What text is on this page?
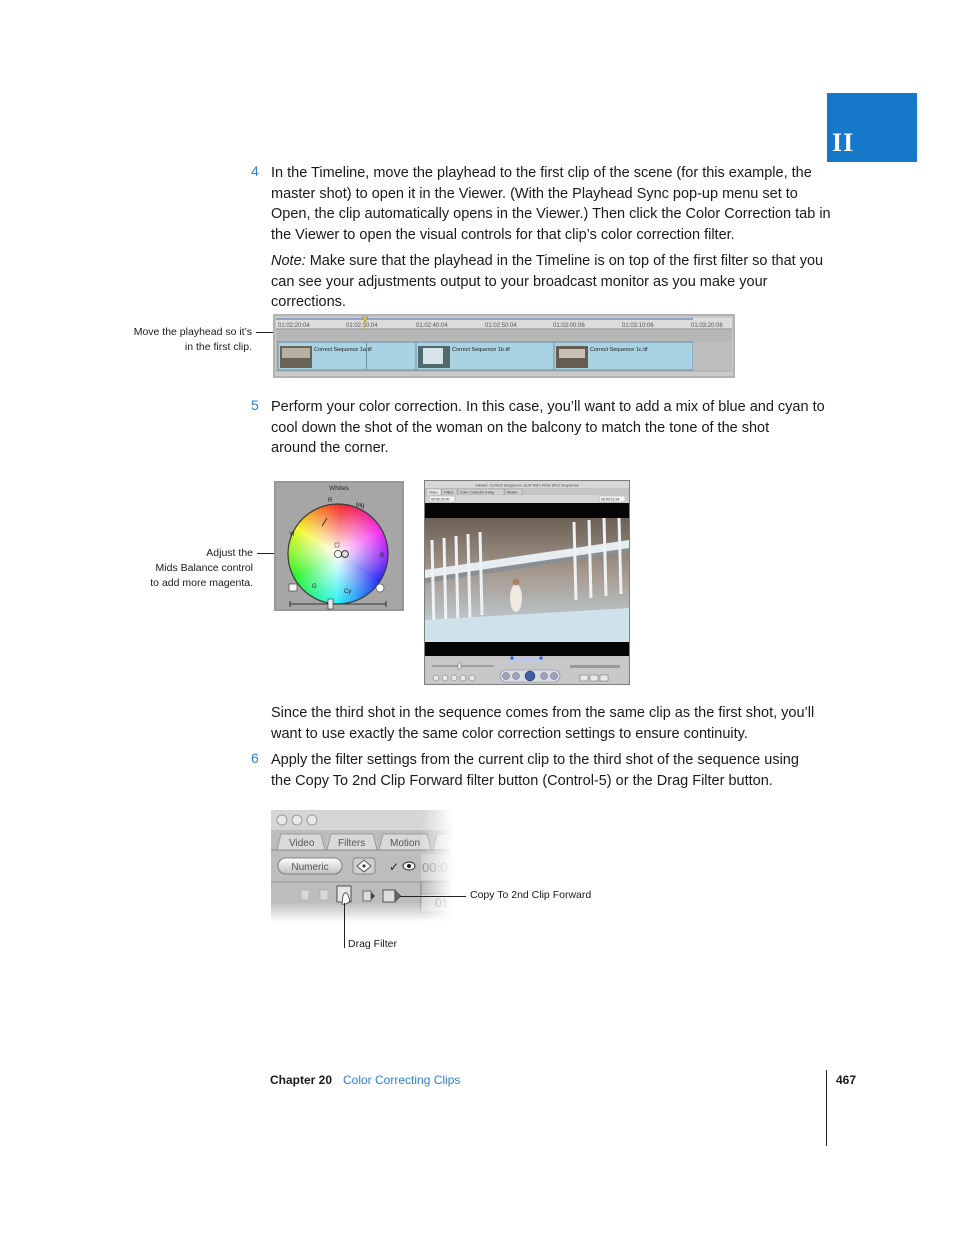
II
4 In the Timeline, move the playhead to the first clip of the scene (for this example, the
master shot) to open it in the Viewer. (With the Playhead Sync pop-up menu set to
Open, the clip automatically opens in the Viewer.) Then click the Color Correction tab in
the Viewer to open the visual controls for that clip’s color correction filter.
Note: Make sure that the playhead in the Timeline is on top of the first filter so that you
can see your adjustments output to your broadcast monitor as you make your corrections.
Move the playhead so it’s
in the first clip.
01:02:20:04	01:02:30:04	01:02:40:04	01:02:50:04	01:03:00:06	01:03:10:06	01:03:20:06
Correct Sequence 1a.tif	Correct Sequence 1b.tif	Correct Sequence 1c.tif
5 Perform your color correction. In this case, you’ll want to add a mix of blue and cyan to
cool down the shot of the woman on the balcony to match the tone of the shot
around the corner.
Adjust the
Mids Balance control
to add more magenta.
Whites
R
Mg
B
Cy
G
Yl
Viewer: Correct Sequence 1a.tif from Final Shot Sequence
Video Filters Color Corrector 3-way	Motion
00:00:20:00	00:00:10:24
Since the third shot in the sequence comes from the same clip as the first shot, you’ll
want to use exactly the same color correction settings to ensure continuity.
6 Apply the filter settings from the current clip to the third shot of the sequence using
the Copy To 2nd Clip Forward filter button (Control-5) or the Drag Filter button.
Video Filters Motion
Numeric	✓
Copy To 2nd Clip Forward
Drag Filter
Chapter 20 Color Correcting Clips	467
